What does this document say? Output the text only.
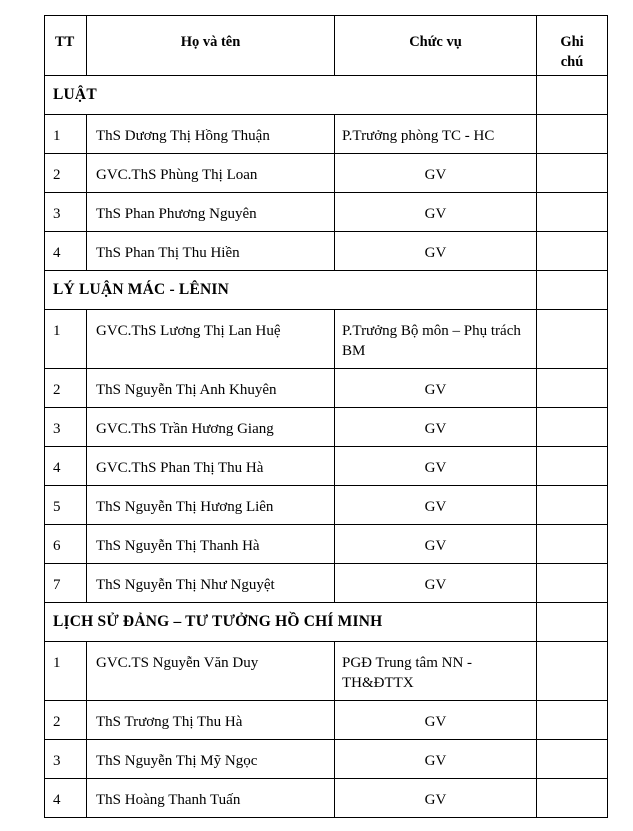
TT	Họ và tên	Chức vụ	Ghi
chú
LUẬT			
1	ThS Dương Thị Hồng Thuận	P.Trưởng phòng TC - HC	
2	GVC.ThS Phùng Thị Loan	GV	
3	ThS Phan Phương Nguyên	GV	
4	ThS Phan Thị Thu Hiền	GV	
LÝ LUẬN MÁC - LÊNIN			
1	GVC.ThS Lương Thị Lan Huệ	P.Trưởng Bộ môn – Phụ trách BM	
2	ThS Nguyễn Thị Anh Khuyên	GV	
3	GVC.ThS Trần Hương Giang	GV	
4	GVC.ThS Phan Thị Thu Hà	GV	
5	ThS Nguyễn Thị Hương Liên	GV	
6	ThS Nguyễn Thị Thanh Hà	GV	
7	ThS Nguyễn Thị Như Nguyệt	GV	
LỊCH SỬ ĐẢNG – TƯ TƯỞNG HỒ CHÍ MINH			
1	GVC.TS Nguyễn Văn Duy	PGĐ Trung tâm NN - TH&ĐTTX	
2	ThS Trương Thị Thu Hà	GV	
3	ThS Nguyễn Thị Mỹ Ngọc	GV	
4	ThS Hoàng Thanh Tuấn	GV	
